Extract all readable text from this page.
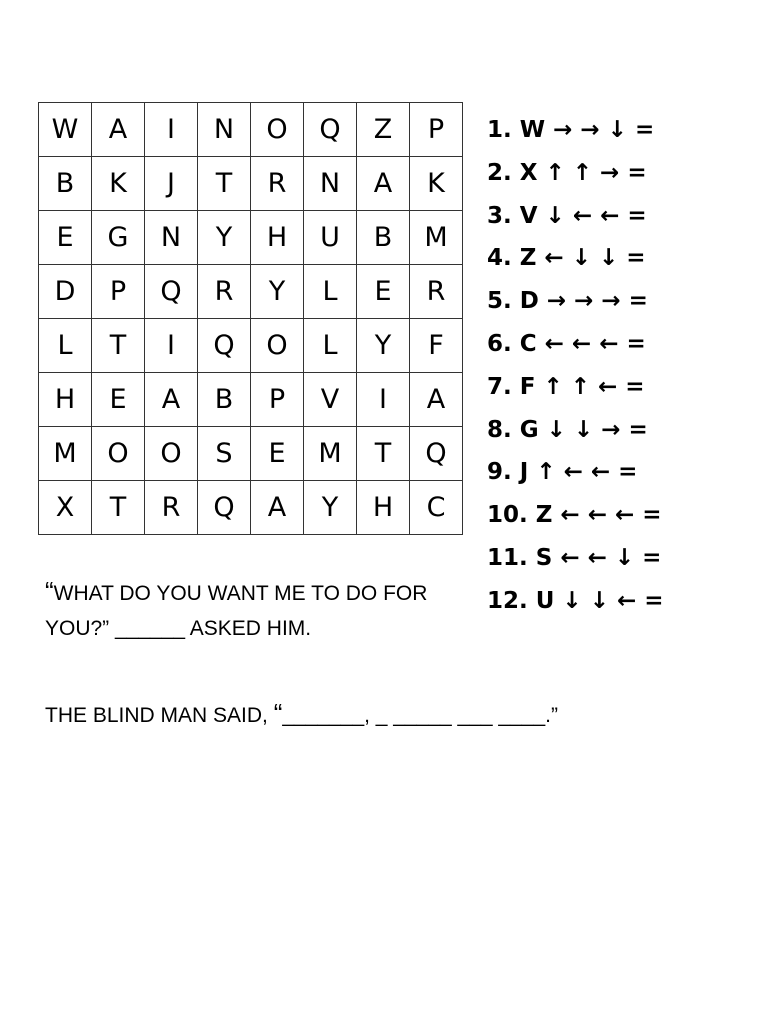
W	A	I	N	O	Q	Z	P
B	K	J	T	R	N	A	K
E	G	N	Y	H	U	B	M
D	P	Q	R	Y	L	E	R
L	T	I	Q	O	L	Y	F
H	E	A	B	P	V	I	A
M	O	O	S	E	M	T	Q
X	T	R	Q	A	Y	H	C
1. W → → ↓ =
2. X ↑ ↑ → =
3. V ↓ ← ← =
4. Z ← ↓ ↓ =
5. D → → → =
6. C ← ← ← =
7. F ↑ ↑ ← =
8. G ↓ ↓ → =
9. J ↑ ← ← =
10. Z ← ← ← =
11. S ← ← ↓ =
12. U ↓ ↓ ← =

“WHAT DO YOU WANT ME TO DO FOR

YOU?” ______ ASKED HIM.

THE BLIND MAN SAID, “_______, _ _____ ___ ____.”
